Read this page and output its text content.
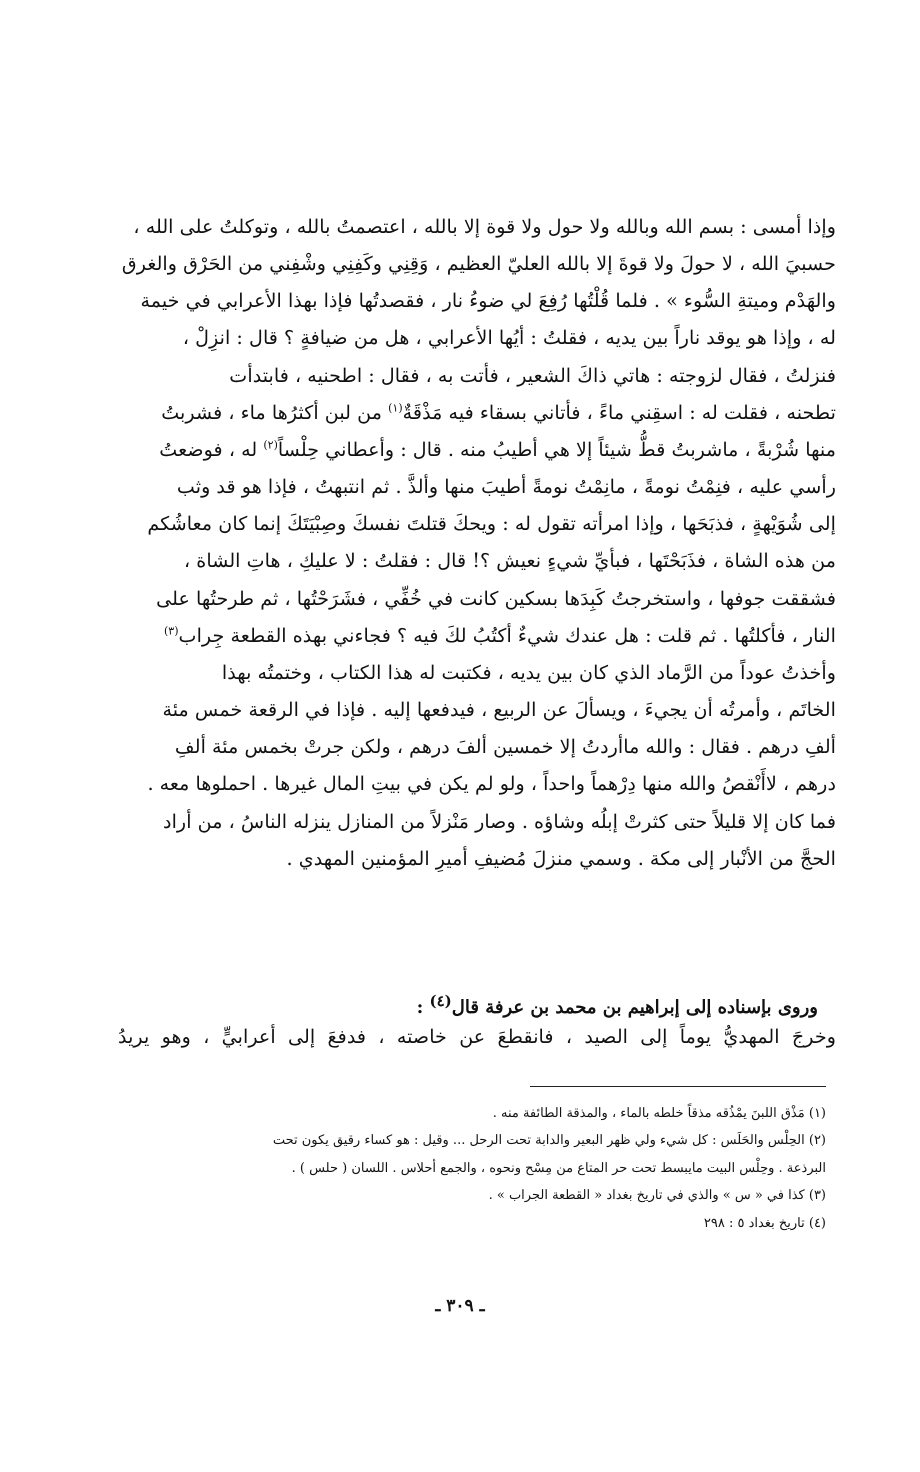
وإذا أمسى : بسم الله وبالله ولا حول ولا قوة إلا بالله ، اعتصمتُ بالله ، وتوكلتُ على الله ،

حسبيَ الله ، لا حولَ ولا قوةَ إلا بالله العليّ العظيم ، وَقِنِي وكَفِنِي وشْفِني من الحَرْق والغرق

والهَدْم وميتةِ السُّوء » . فلما قُلْتُها رُفِعَ لي ضوءُ نار ، فقصدتُها فإذا بهذا الأعرابي في خيمة

له ، وإذا هو يوقد ناراً بين يديه ، فقلتُ : أيُها الأعرابي ، هل من ضيافةٍ ؟ قال : انزِلْ ،

فنزلتُ ، فقال لزوجته : هاتي ذاكَ الشعير ، فأتت به ، فقال : اطحنيه ، فابتدأت

تطحنه ، فقلت له : اسقِني ماءً ، فأتاني بسقاء فيه مَذْقَةٌ$^{(١)}$ من لبن أكثرُها ماء ، فشربتُ

منها شُرْبةً ، ماشربتُ قطُّ شيئاً إلا هي أطيبُ منه . قال : وأعطاني حِلْساً$^{(٢)}$ له ، فوضعتُ

رأسي عليه ، فنِمْتُ نومةً ، مانِمْتُ نومةً أطيبَ منها وألذَّ . ثم انتبهتُ ، فإذا هو قد وثب

إلى شُوَيْهةٍ ، فذبَحَها ، وإذا امرأته تقول له : ويحكَ قتلتَ نفسكَ وصِبْيَتَكَ إنما كان معاشُكم

من هذه الشاة ، فذَبَحْتَها ، فبأيِّ شيءٍ نعيش ؟! قال : فقلتُ : لا عليكِ ، هاتِ الشاة ،

فشققت جوفها ، واستخرجتُ كَبِدَها بسكين كانت في خُفِّي ، فشَرَحْتُها ، ثم طرحتُها على

النار ، فأكلتُها . ثم قلت : هل عندك شيءٌ أكتُبُ لكَ فيه ؟ فجاءني بهذه القطعة جِراب$^{(٣)}$

وأخذتُ عوداً من الرَّماد الذي كان بين يديه ، فكتبت له هذا الكتاب ، وختمتُه بهذا

الخاتَم ، وأمرتُه أن يجيءَ ، ويسألَ عن الربيع ، فيدفعها إليه . فإذا في الرقعة خمس مئة

ألفِ درهم . فقال : والله ماأردتُ إلا خمسين ألفَ درهم ، ولكن جرتْ بخمس مئة ألفِ

درهم ، لاأَنْقصُ والله منها دِرْهماً واحداً ، ولو لم يكن في بيتِ المال غيرها . احملوها معه .

فما كان إلا قليلاً حتى كثرتْ إبلُه وشاؤه . وصار مَنْزلاً من المنازل ينزله الناسُ ، من أراد

الحجَّ من الأنْبار إلى مكة . وسمي منزلَ مُضيفِ أميرِ المؤمنين المهدي .

وروى بإسناده إلى إبراهيم بن محمد بن عرفة قال$^{(٤)}$ :
وخرجَ المهديُّ يوماً إلى الصيد ، فانقطعَ عن خاصته ، فدفعَ إلى أعرابيٍّ ، وهو يريدُ
(١) مَذْق اللبنَ يمْذُقه مذقاً خلطه بالماء ، والمذقة الطائفة منه .
(٢) الحِلْس والحَلَس : كل شيء ولي ظهر البعير والدابة تحت الرحل ... وقيل : هو كساء رقيق يكون تحت
البرذعة . وحِلْس البيت مايبسط تحت حر المتاع من مِسْح ونحوه ، والجمع أحلاس . اللسان ( حلس ) .
(٣) كذا في « س » والذي في تاريخ بغداد « القطعة الجراب » .
(٤) تاريخ بغداد ٥ : ٢٩٨
ـ ٣٠٩ ـ
